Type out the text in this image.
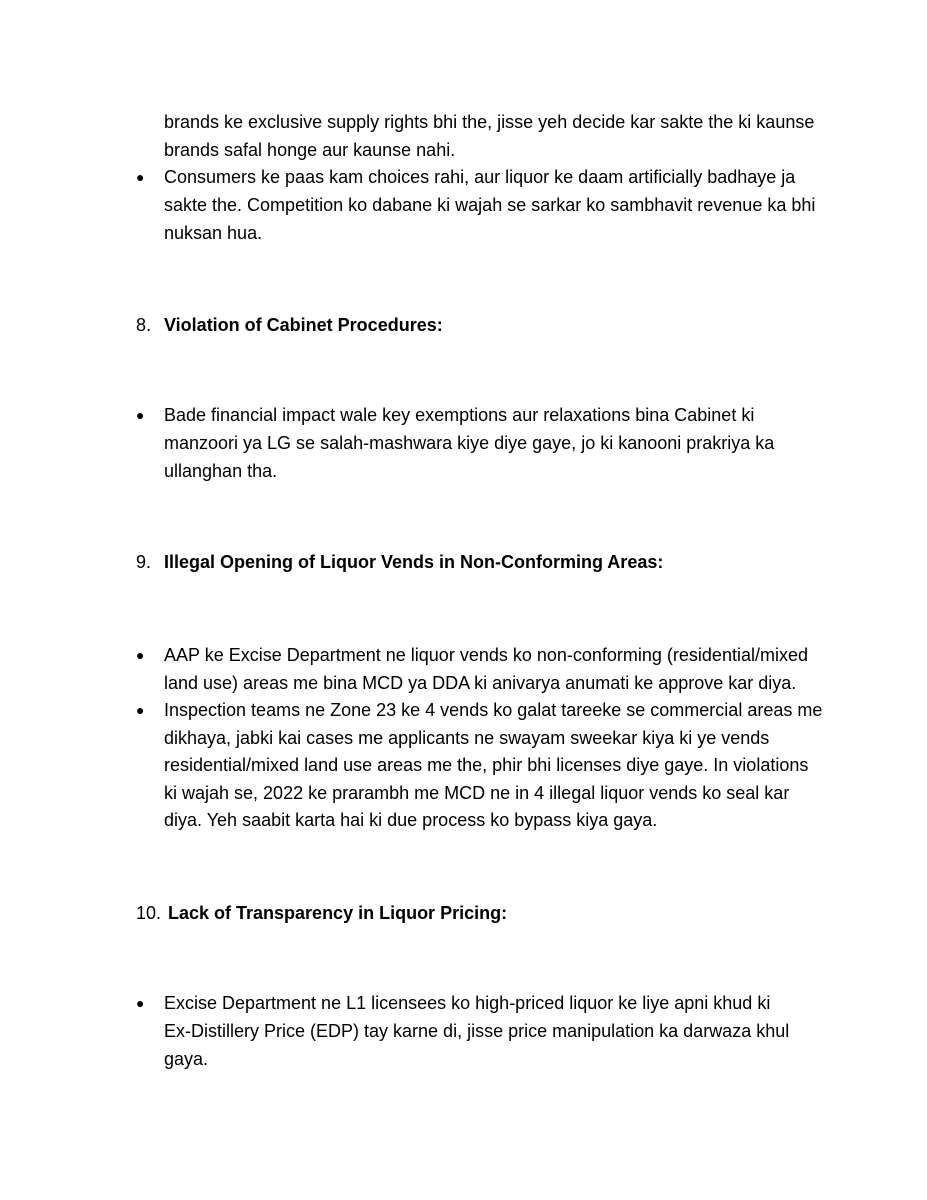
brands ke exclusive supply rights bhi the, jisse yeh decide kar sakte the ki kaunse
brands safal honge aur kaunse nahi.
● Consumers ke paas kam choices rahi, aur liquor ke daam artificially badhaye ja
sakte the. Competition ko dabane ki wajah se sarkar ko sambhavit revenue ka bhi
nuksan hua.
8. Violation of Cabinet Procedures:
● Bade financial impact wale key exemptions aur relaxations bina Cabinet ki
manzoori ya LG se salah-mashwara kiye diye gaye, jo ki kanooni prakriya ka
ullanghan tha.
9. Illegal Opening of Liquor Vends in Non-Conforming Areas:
● AAP ke Excise Department ne liquor vends ko non-conforming (residential/mixed
land use) areas me bina MCD ya DDA ki anivarya anumati ke approve kar diya.
● Inspection teams ne Zone 23 ke 4 vends ko galat tareeke se commercial areas me
dikhaya, jabki kai cases me applicants ne swayam sweekar kiya ki ye vends
residential/mixed land use areas me the, phir bhi licenses diye gaye. In violations
ki wajah se, 2022 ke prarambh me MCD ne in 4 illegal liquor vends ko seal kar
diya. Yeh saabit karta hai ki due process ko bypass kiya gaya.
10. Lack of Transparency in Liquor Pricing:
● Excise Department ne L1 licensees ko high-priced liquor ke liye apni khud ki
Ex-Distillery Price (EDP) tay karne di, jisse price manipulation ka darwaza khul
gaya.
